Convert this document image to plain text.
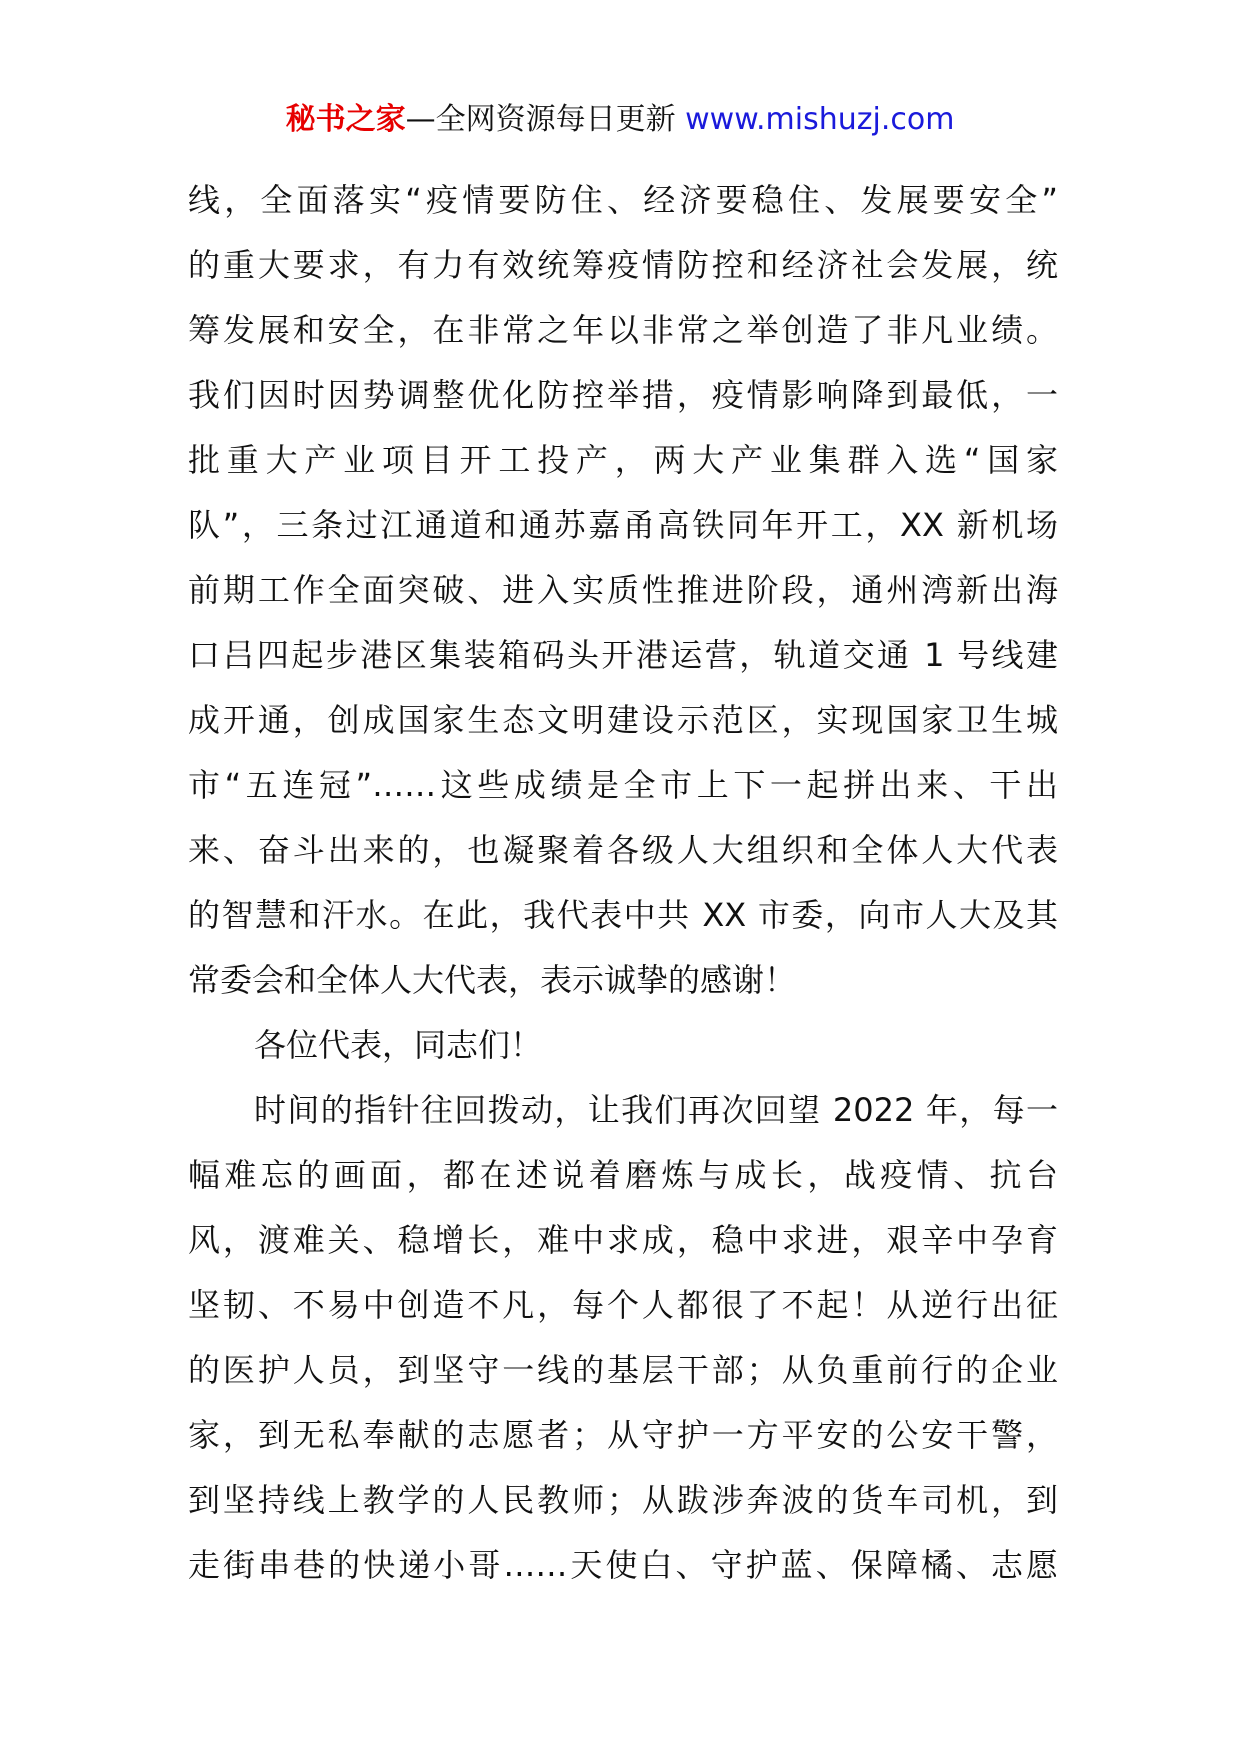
秘书之家—全网资源每日更新 www.mishuzj.com
线，全面落实“疫情要防住、经济要稳住、发展要安全”
的重大要求，有力有效统筹疫情防控和经济社会发展，统
筹发展和安全，在非常之年以非常之举创造了非凡业绩。
我们因时因势调整优化防控举措，疫情影响降到最低，一
批重大产业项目开工投产，两大产业集群入选“国家
队”，三条过江通道和通苏嘉甬高铁同年开工，XX 新机场
前期工作全面突破、进入实质性推进阶段，通州湾新出海
口吕四起步港区集装箱码头开港运营，轨道交通 1 号线建
成开通，创成国家生态文明建设示范区，实现国家卫生城
市“五连冠”……这些成绩是全市上下一起拼出来、干出
来、奋斗出来的，也凝聚着各级人大组织和全体人大代表
的智慧和汗水。在此，我代表中共 XX 市委，向市人大及其
常委会和全体人大代表，表示诚挚的感谢！
各位代表，同志们！
时间的指针往回拨动，让我们再次回望 2022 年，每一
幅难忘的画面，都在述说着磨炼与成长，战疫情、抗台
风，渡难关、稳增长，难中求成，稳中求进，艰辛中孕育
坚韧、不易中创造不凡，每个人都很了不起！从逆行出征
的医护人员，到坚守一线的基层干部；从负重前行的企业
家，到无私奉献的志愿者；从守护一方平安的公安干警，
到坚持线上教学的人民教师；从跋涉奔波的货车司机，到
走街串巷的快递小哥……天使白、守护蓝、保障橘、志愿
